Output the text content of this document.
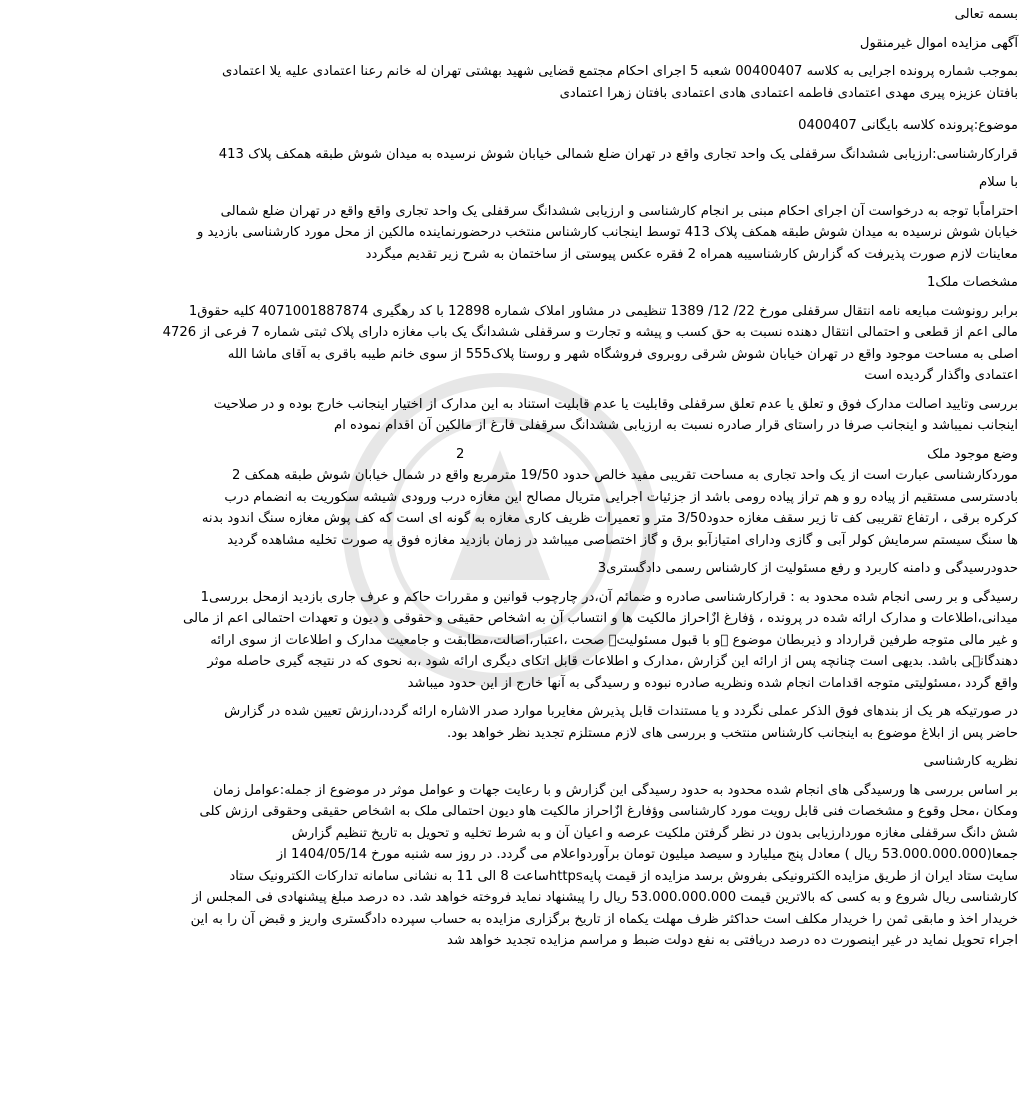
بسمه تعالی

آگهی مزایده اموال غیرمنقول

بموجب شماره پرونده اجرایی به کلاسه 00400407 شعبه 5 اجرای احکام مجتمع قضایی شهید بهشتی تهران له خانم رعنا اعتمادی علیه یلا اعتمادی

بافتان عزیزه پیری مهدی اعتمادی فاطمه اعتمادی هادی اعتمادی بافتان زهرا اعتمادی

موضوع:پرونده کلاسه بایگانی 0400407

قرارکارشناسی:ارزیابی ششدانگ سرقفلی یک واحد تجاری واقع در تهران ضلع شمالی خیابان شوش نرسیده به میدان شوش طبقه همکف پلاک 413

با سلام

احتراماًبا توجه به درخواست آن اجرای احکام مبنی بر انجام کارشناسی و ارزیابی ششدانگ سرقفلی یک واحد تجاری واقع واقع در تهران ضلع شمالی

خیابان شوش نرسیده به میدان شوش طبقه همکف پلاک 413 توسط اینجانب کارشناس منتخب درحضورنماینده مالکین از محل مورد کارشناسی بازدید و

معاینات لازم صورت پذیرفت که گزارش کارشناسیبه همراه 2 فقره عکس پیوستی از ساختمان به شرح زیر تقدیم میگردد

مشخصات ملک1

برابر رونوشت مبایعه نامه انتقال سرقفلی مورخ 22/ 12/ 1389 تنظیمی در مشاور املاک شماره 12898 با کد رهگیری 4071001887874 کلیه حقوق1

مالی اعم از قطعی و احتمالی انتقال دهنده نسبت به حق کسب و پیشه و تجارت و سرقفلی ششدانگ یک باب مغازه دارای پلاک ثبتی شماره 7 فرعی از 4726

اصلی به مساحت موجود واقع در تهران خیابان شوش شرقی روبروی فروشگاه شهر و روستا پلاک555 از سوی خانم طیبه باقری به آقای ماشا الله

اعتمادی واگذار گردیده است

بررسی وتایید اصالت مدارک فوق و تعلق یا عدم تعلق سرقفلی وقابلیت یا عدم قابلیت استناد به این مدارک از اختیار اینجانب خارج بوده و در صلاحیت

اینجانب نمیباشد و اینجانب صرفا در راستای قرار صادره نسبت به ارزیابی ششدانگ سرقفلی فارغ از مالکین آن اقدام نموده ام

وضع موجود ملک
2

موردکارشناسی عبارت است از یک واحد تجاری به مساحت تقریبی مفید خالص حدود 19/50 مترمربع واقع در شمال خیابان شوش طبقه همکف 2

بادسترسی مستقیم از پیاده رو و هم تراز پیاده رومی باشد از جزئیات اجرایی متریال مصالح این مغازه درب ورودی شیشه سکوریت به انضمام درب

کرکره برقی ، ارتفاع تقریبی کف تا زیر سقف مغازه حدود3/50 متر و تعمیرات ظریف کاری مغازه به گونه ای است که کف پوش مغازه سنگ اندود بدنه

ها سنگ سیستم سرمایش کولر آبی و گازی ودارای امتیازآبو برق و گاز اختصاصی میباشد در زمان بازدید مغازه فوق به صورت تخلیه مشاهده گردید

حدودرسیدگی و دامنه کاربرد و رفع مسئولیت از کارشناس رسمی دادگستری3

رسیدگی و بر رسی انجام شده محدود به : قرارکارشناسی صادره و ضمائم آن،در چارچوب قوانین و مقررات حاکم و عرف جاری بازدید ازمحل بررسی1

میدانی،اطلاعات و مدارک ارائه شده در پرونده ، ؤفارغ ازٌاحراز مالکیت ها و انتساب آن به اشخاص حقیقی و حقوقی و دیون و تعهدات احتمالی اعم از مالی

و غیر مالی متوجه طرفین قرارداد و ذیربطان موضوع ؓو با قبول مسئولیتؓ صحت ،اعتبار،اصالت،مطابقت و جامعیت مدارک و اطلاعات از سوی ارائه

دهندگانؓی باشد. بدیهی است چنانچه پس از ارائه این گزارش ،مدارک و اطلاعات قابل اتکای دیگری ارائه شود ،به نحوی که در نتیجه گیری حاصله موثر

واقع گردد ،مسئولیتی متوجه اقدامات انجام شده ونظریه صادره نبوده و رسیدگی به آنها خارج از این حدود میباشد

در صورتیکه هر یک از بندهای فوق الذکر عملی نگردد و یا مستندات قابل پذیرش مغایربا موارد صدر الاشاره ارائه گردد،ارزش تعیین شده در گزارش

حاضر پس از ابلاغ موضوع به اینجانب کارشناس منتخب و بررسی های لازم مستلزم تجدید نظر خواهد بود.

نظریه کارشناسی

بر اساس بررسی ها ورسیدگی های انجام شده محدود به حدود رسیدگی این گزارش و با رعایت جهات و عوامل موثر در موضوع از جمله:عوامل زمان

ومکان ،محل وقوع و مشخصات فنی قابل رویت مورد کارشناسی وؤفارغ ازٌاحراز مالکیت هاو دیون احتمالی ملک به اشخاص حقیقی وحقوقی ارزش کلی

شش دانگ سرقفلی مغازه موردارزیابی بدون در نظر گرفتن ملکیت عرصه و اعیان آن و به شرط تخلیه و تحویل به تاریخ تنظیم گزارش

جمعا(53.000.000.000 ریال ) معادل پنج میلیارد و سیصد میلیون تومان برآوردواعلام می گردد. در روز سه شنبه مورخ 1404/05/14 از

سایت ستاد ایران از طریق مزایده الکترونیکی بفروش برسد مزایده از قیمت پایهhttpsساعت 8 الی 11 به نشانی سامانه تدارکات الکترونیک ستاد

کارشناسی ریال شروع و به کسی که بالاترین قیمت 53.000.000.000 ریال را پیشنهاد نماید فروخته خواهد شد. ده درصد مبلغ پیشنهادی فی المجلس از

خریدار اخذ و مابقی ثمن را خریدار مکلف است حداکثر ظرف مهلت یکماه از تاریخ برگزاری مزایده به حساب سپرده دادگستری واریز و قبض آن را به این

اجراء تحویل نماید در غیر اینصورت ده درصد دریافتی به نفع دولت ضبط و مراسم مزایده تجدید خواهد شد
